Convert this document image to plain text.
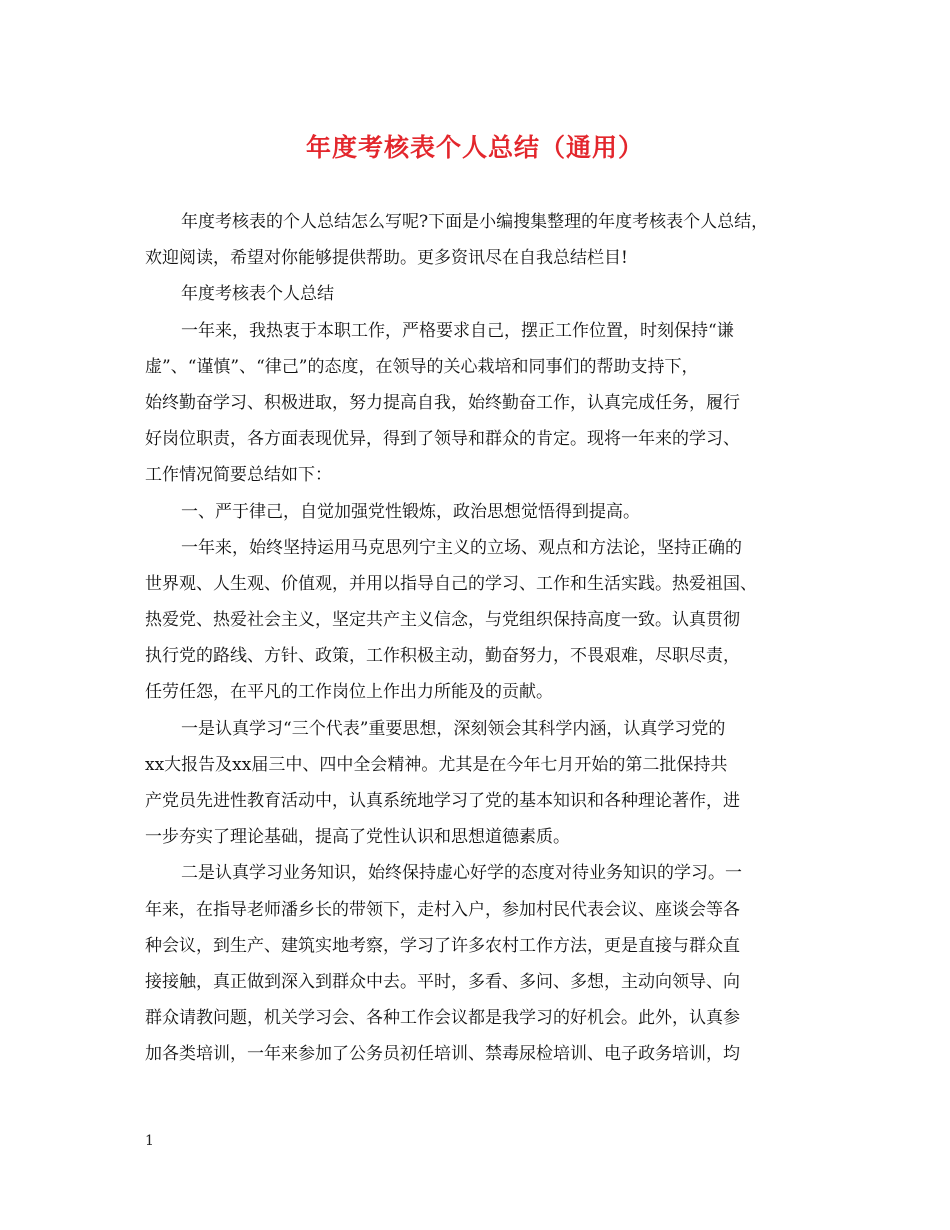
年度考核表个人总结（通用）
年度考核表的个人总结怎么写呢?下面是小编搜集整理的年度考核表个人总结，
欢迎阅读，希望对你能够提供帮助。更多资讯尽在自我总结栏目!
年度考核表个人总结
一年来，我热衷于本职工作，严格要求自己，摆正工作位置，时刻保持“谦
虚”、“谨慎”、“律己”的态度，在领导的关心栽培和同事们的帮助支持下，
始终勤奋学习、积极进取，努力提高自我，始终勤奋工作，认真完成任务，履行
好岗位职责，各方面表现优异，得到了领导和群众的肯定。现将一年来的学习、
工作情况简要总结如下：
一、严于律己，自觉加强党性锻炼，政治思想觉悟得到提高。
一年来，始终坚持运用马克思列宁主义的立场、观点和方法论，坚持正确的
世界观、人生观、价值观，并用以指导自己的学习、工作和生活实践。热爱祖国、
热爱党、热爱社会主义，坚定共产主义信念，与党组织保持高度一致。认真贯彻
执行党的路线、方针、政策，工作积极主动，勤奋努力，不畏艰难，尽职尽责，
任劳任怨，在平凡的工作岗位上作出力所能及的贡献。
一是认真学习“三个代表”重要思想，深刻领会其科学内涵，认真学习党的
xx大报告及xx届三中、四中全会精神。尤其是在今年七月开始的第二批保持共
产党员先进性教育活动中，认真系统地学习了党的基本知识和各种理论著作，进
一步夯实了理论基础，提高了党性认识和思想道德素质。
二是认真学习业务知识，始终保持虚心好学的态度对待业务知识的学习。一
年来，在指导老师潘乡长的带领下，走村入户，参加村民代表会议、座谈会等各
种会议，到生产、建筑实地考察，学习了许多农村工作方法，更是直接与群众直
接接触，真正做到深入到群众中去。平时，多看、多问、多想，主动向领导、向
群众请教问题，机关学习会、各种工作会议都是我学习的好机会。此外，认真参
加各类培训，一年来参加了公务员初任培训、禁毒尿检培训、电子政务培训，均
1
